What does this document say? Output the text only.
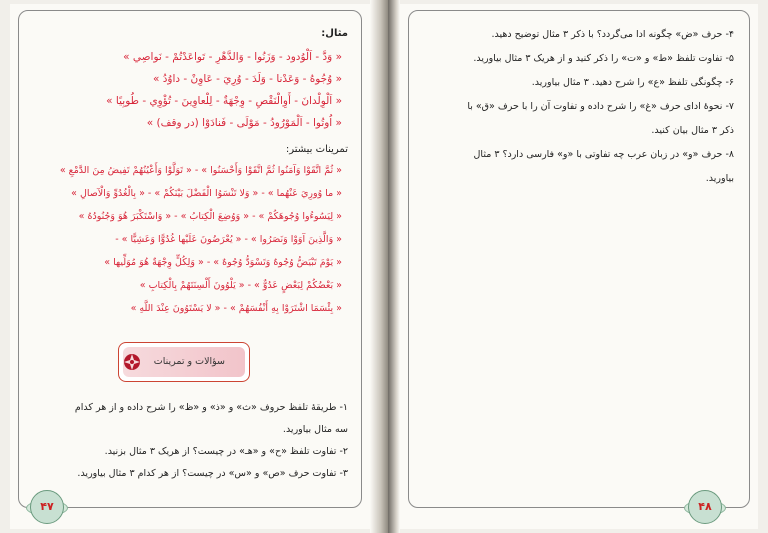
مثال:
« وَدَّ - اَلْوُدود - وَزَنُوا - وَالدَّهْرِ - تَواعَدْتُمْ - نَواصِي »
« وُجُوهُ - وَعَدْنا - وَلَدَ - وُرِيَ - عَاوِنْ - داوُدُ »
« اَلْوِلْدانَ - أَوِالْنَقْصِ - وِجْهَةٌ - لِلْعاوِينَ - تُؤْوِي - طُوبِيًا »
« اُوتُوا - اَلْمَوْرُودُ - مَوْلَى - فَنادَوْا (در وقف) »
تمرینات بیشتر:
« ثُمَّ اتَّقَوْا وَآمَنُوا ثُمَّ اتَّقَوْا وَأَحْسَنُوا » - « تَوَلَّوْا وَأَعْيُنُهُمْ تَفِيضُ مِنَ الدَّمْعِ »
« ما وُورِيَ عَنْهُما » - « وَلا تَنْسَوُا الْفَضْلَ بَيْنَكُمْ » - « بِالْغُدُوِّ وَالْآصالِ »
« لِيَسُوءُوا وُجُوهَكُمْ » - « وَوُضِعَ الْكِتابُ » - « وَاسْتَكْبَرَ هُوَ وَجُنُودُهُ »
« وَالَّذِينَ آوَوْا وَنَصَرُوا » - « يُعْرَضُونَ عَلَيْها غُدُوًّا وَعَشِيًّا » -
« يَوْمَ تَبْيَضُّ وُجُوهٌ وَتَسْوَدُّ وُجُوهٌ » - « وَلِكُلٍّ وِجْهَةٌ هُوَ مُوَلِّيها »
« بَعْضُكُمْ لِبَعْضٍ عَدُوٌّ » - « يَلْوُونَ أَلْسِنَتَهُمْ بِالْكِتابِ »
« بِئْسَمَا اشْتَرَوْا بِهِ أَنْفُسَهُمْ » - « لا يَسْتَوُونَ عِنْدَ اللَّهِ »
سؤالات و تمرینات
۱- طریقهٔ تلفظ حروف «ث» و «ذ» و «ظ» را شرح داده و از هر کدام
سه مثال بیاورید.
۲- تفاوت تلفظ «ح» و «هـ» در چیست؟ از هریک ۳ مثال بزنید.
۳- تفاوت حرف «ص» و «س» در چیست؟ از هر کدام ۳ مثال بیاورید.
۴۷
۴- حرف «ض» چگونه ادا می‌گردد؟ با ذکر ۳ مثال توضیح دهید.
۵- تفاوت تلفظ «ط» و «ت» را ذکر کنید و از هریک ۳ مثال بیاورید.
۶- چگونگی تلفظ «ع» را شرح دهید. ۳ مثال بیاورید.
۷- نحوهٔ ادای حرف «غ» را شرح داده و تفاوت آن را با حرف «ق» با
ذکر ۳ مثال بیان کنید.
۸- حرف «و» در زبان عرب چه تفاوتی با «و» فارسی دارد؟ ۳ مثال
بیاورید.
۴۸
